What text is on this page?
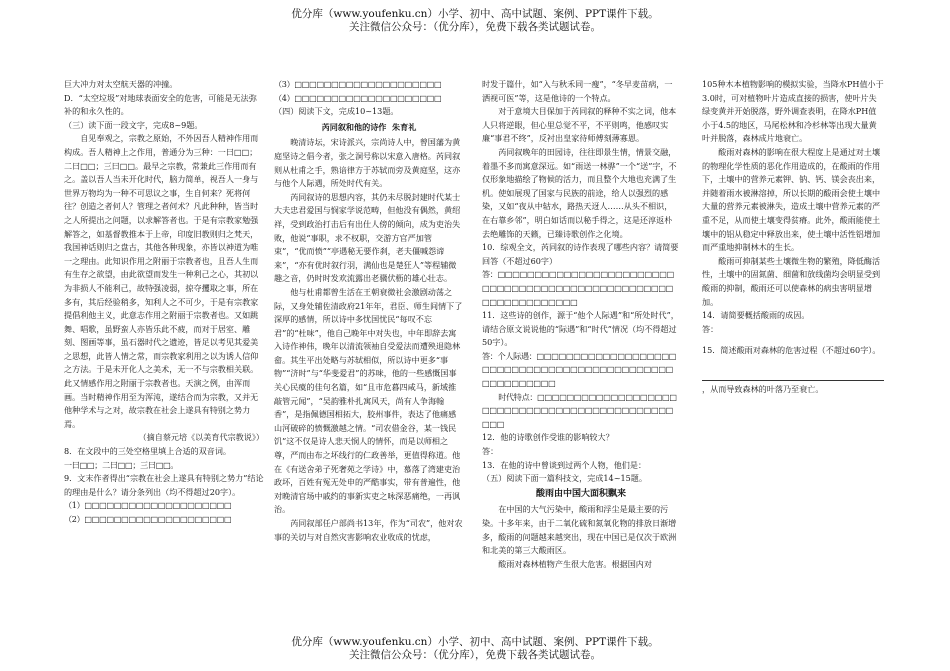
优分库（www.youfenku.cn）小学、初中、高中试题、案例、PPT课件下载。
关注微信公众号：（优分库），免费下载各类试题试卷。

巨大冲力对太空航天器的冲撞。

D．“太空垃圾”对地球表面安全的危害，可能是无法弥补的和永久性的。

（三）读下面一段文字，完成8~9题。

自见奉观之，宗教之原始，不外因吾人精神作用而构成。吾人精神上之作用，普通分为三种：一曰□□；二曰□□；三曰□□。最早之宗教，常兼此三作用而有之。盖以吾人当未开化时代，脑力简单，视吾人一身与世界万物均为一种不可思议之事，生自何来？死将何往？创造之者何人？管理之者何术？凡此种种，皆当时之人所提出之问题，以求解答者也。于是有宗教家勉强解答之，如基督教推本于上帝，印度旧教则归之梵天，我国神话则归之盘古，其他各种现象，亦皆以神道为唯一之理由。此知识作用之附丽于宗教者也，且吾人生而有生存之欲望，由此欲望而发生一种利己之心，其初以为非损人不能利己，故特强凌弱，掠夺攫取之事，所在多有，其后经验稍多，知利人之不可少，于是有宗教家提倡利他主义，此意志作用之附丽于宗教者也。又如跳舞、唱歌，虽野蛮人亦皆乐此不疲，而对于居室、雕刻、图画等事，虽石器时代之遗迹，皆足以考见其爱美之思想，此皆人情之常，而宗教家利用之以为诱人信仰之方法。于是未开化人之美术，无一不与宗教相关联。此又情感作用之附丽于宗教者也。天演之例，由浑而画。当时精神作用至为浑沌，遂结合而为宗教，又并无他种学术与之对，故宗教在社会上遂具有特别之势力焉。

（摘自蔡元培《以美育代宗教说》）

8．在文段中的三处空格里填上合适的双音词。

一曰□□；二曰□□；三曰□□。

9．文末作者得出“宗教在社会上遂具有特别之势力”结论的理由是什么？请分条列出（均不得超过20字）。

（1）□□□□□□□□□□□□□□□□□□□□

（2）□□□□□□□□□□□□□□□□□□□□

（3）□□□□□□□□□□□□□□□□□□□□

（4）□□□□□□□□□□□□□□□□□□□□

（四）阅读下文，完成10~13题。

芮同叙和他的诗作 朱育礼

晚清诗坛，宋诗派兴，宗尚诗人中，曾国藩为黄庭坚诗之倡今者，张之洞号称以宋意入唐格。芮同叙则从杜甫之手，熟谙律方于苏轼而旁及黄庭坚，这亦与他个人际遇，所处时代有关。

芮同叙诗的思想内容，其仍未尽脱封建时代某士大夫忠君爱国与悯家学说范畴，但他没有偶然，黄绍祥，受到政治打击后有出仕人傍的倾向，成为吏治失败，他说“事职，求不权职，交游方官严加管束”，“优而愤”“亭遇秘无要作刹，老夫僵喊怨谛来”，“亦有优时叙行羽，满仙也是楚狂人”等程辅微趣之音，仍时时发欢流露出老骥伏枥的雄心壮志。

他与杜甫都曾生活在王朝衰微社会激剧动荡之际，又身处辅佐清政府21年年，君臣、师生间情下了深厚的感情，所以诗中多忧国忧民“每叹不忘君”的“杜味”，他自己晚年中对失也，中年即辞去寓入诗作神伟，晚年以清流领袖自受爱法而遭殃退隐林畲。其生平出处略与苏轼相似，所以诗中更多“事物”“济时”与“华斐爱君”的苏味，他的一些感慨国事关心民瘼的佳句名篇，如“且市危暮四咸马，新域推敲管元闻”，“吴韵雅朴扎寓风天，尚有人争海翰香”，是指佩德国相拓大，胶州事件，表达了他痛感山河破碎的愤慨激越之情。“司农借金谷，某一钱民饥”这不仅是诗人悲天悯人的情怀，而是以师相之尊，严而由布之坏线行的仁政善举，更值得称道。他在《有送舍弟子死奢苑之学诗》中，慕落了湾建吏治政坏，百姓有冤无处申的严酷事实，带有普遍性，他对晚清官场中戚约的事新实吏之咏深恶痛绝，一再讽治。

芮同叙部任户部尚书13年，作为“司农”，他对农事的关切与对自然灾害影响农业收成的忧虑，

时发于篇什，如“入与秋禾同一瘦”，“冬早麦苗病，一洒视可医”等，这是他诗的一个特点。

对于意境大目保加于芮同叙的释种不实之词，他本人只将逆眼，但心里总觉不平，不平则鸣，他感叹实廉“事君不终”，反衬出皇家待师傅刻薄寡恩。

芮同叙晚年的田园诗，往往即景生情，情景交融，着墨不多而寓意深远。如“雨送一林骅”一个“送”字，不仅形象地描绘了物候的活力，而且整个大地也充满了生机。使如展现了国家与民族的前途，给人以强烈的感染，又如“夜从中轱水，路热天迓人……从头不相识，在右靠乡邻”，明白如话而以秘手得之，这是还淳返朴去绝雕饰的天籁，已臻诗歌创作之化境。

10．综观全文，芮同叙的诗作表现了哪些内容？请简要回答（不超过60字）

答：□□□□□□□□□□□□□□□□□□□□□□□□□□□□□□□□□□□□□□□□□□□□□□□□□□□□□□□□□□□□□□□

11．这些诗的创作，源于“他个人际遇”和“所处时代”，请结合原文说说他的“际遇”和“时代”情况（均不得超过50字）。

答：个人际遇：□□□□□□□□□□□□□□□□□□□□□□□□□□□□□□□□□□□□□□□□□□□□□□□□□□□□□□□

时代特点：□□□□□□□□□□□□□□□□□□□□□□□□□□□□□□□□□□□□□□□□□□□□□□□□

12．他的诗歌创作受谁的影响较大？

答：

13．在他的诗中曾谈到过两个人物，他们是：

（五）阅读下面一篇科技文，完成14~15题。

酸雨由中国大面积飘来

在中国的大气污染中，酸雨和浮尘是最主要的污染。十多年来，由于二氧化硫和氮氧化物的排放日渐增多，酸雨的问题越来越突出，现在中国已是仅次于欧洲和北美的第三大酸雨区。

酸雨对森林植物产生很大危害。根据国内对

105种木本植物影响的模拟实验，当降水PH值小于3.0时，可对植物叶片造成直接的损害，使叶片失绿变黄并开始脱落，野外调查表明，在降水PH值小于4.5的地区，马尾松林和冷杉林等出现大量黄叶并脱落，森林成片地衰亡。

酸雨对森林的影响在很大程度上是通过对土壤的物理化学性质的恶化作用造成的，在酸雨的作用下，土壤中的营养元素钾、钠、钙、镁会丧出来，并随着雨水被淋溶掉，所以长期的酸雨会使土壤中大量的营养元素被淋失，造成土壤中营养元素的严重不足，从而使土壤变得贫瘠。此外，酸雨能使土壤中的铝从稳定中释放出来，使土壤中活性铝增加而严重地抑制林木的生长。

酸雨可抑制某些土壤微生物的繁殖，降低酶活性，土壤中的固氮菌、细菌和放线菌均会明显受到酸雨的抑制，酸雨还可以使森林的病虫害明显增加。

14．请简要概括酸雨的成因。

答：

15．简述酸雨对森林的危害过程（不超过60字）。

，从而导致森林的叶落乃至衰亡。

优分库（www.youfenku.cn）小学、初中、高中试题、案例、PPT课件下载。
关注微信公众号：（优分库），免费下载各类试题试卷。
